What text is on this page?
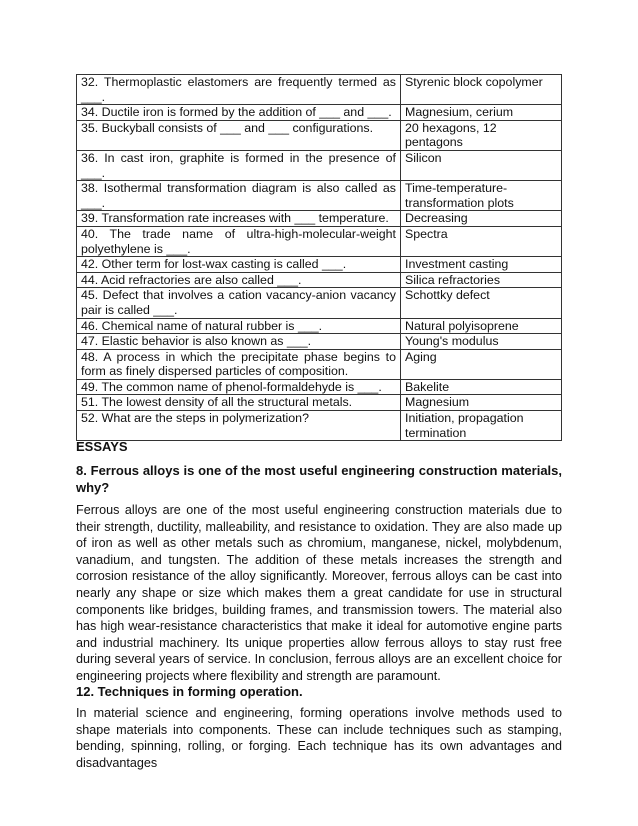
32. Thermoplastic elastomers are frequently termed as ___.	Styrenic block copolymer
34. Ductile iron is formed by the addition of ___ and ___.	Magnesium, cerium
35. Buckyball consists of ___ and ___ configurations.	20 hexagons, 12 pentagons
36. In cast iron, graphite is formed in the presence of ___.	Silicon
38. Isothermal transformation diagram is also called as ___.	Time-temperature-transformation plots
39. Transformation rate increases with ___ temperature.	Decreasing
40. The trade name of ultra-high-molecular-weight polyethylene is ___.	Spectra
42. Other term for lost-wax casting is called ___.	Investment casting
44. Acid refractories are also called ___.	Silica refractories
45. Defect that involves a cation vacancy-anion vacancy pair is called ___.	Schottky defect
46. Chemical name of natural rubber is ___.	Natural polyisoprene
47. Elastic behavior is also known as ___.	Young's modulus
48. A process in which the precipitate phase begins to form as finely dispersed particles of composition.	Aging
49. The common name of phenol-formaldehyde is ___.	Bakelite
51. The lowest density of all the structural metals.	Magnesium
52. What are the steps in polymerization?	Initiation, propagation termination
ESSAYS

8. Ferrous alloys is one of the most useful engineering construction materials, why?

Ferrous alloys are one of the most useful engineering construction materials due to their strength, ductility, malleability, and resistance to oxidation. They are also made up of iron as well as other metals such as chromium, manganese, nickel, molybdenum, vanadium, and tungsten. The addition of these metals increases the strength and corrosion resistance of the alloy significantly. Moreover, ferrous alloys can be cast into nearly any shape or size which makes them a great candidate for use in structural components like bridges, building frames, and transmission towers. The material also has high wear-resistance characteristics that make it ideal for automotive engine parts and industrial machinery. Its unique properties allow ferrous alloys to stay rust free during several years of service. In conclusion, ferrous alloys are an excellent choice for engineering projects where flexibility and strength are paramount.

12. Techniques in forming operation.

In material science and engineering, forming operations involve methods used to shape materials into components. These can include techniques such as stamping, bending, spinning, rolling, or forging. Each technique has its own advantages and disadvantages
